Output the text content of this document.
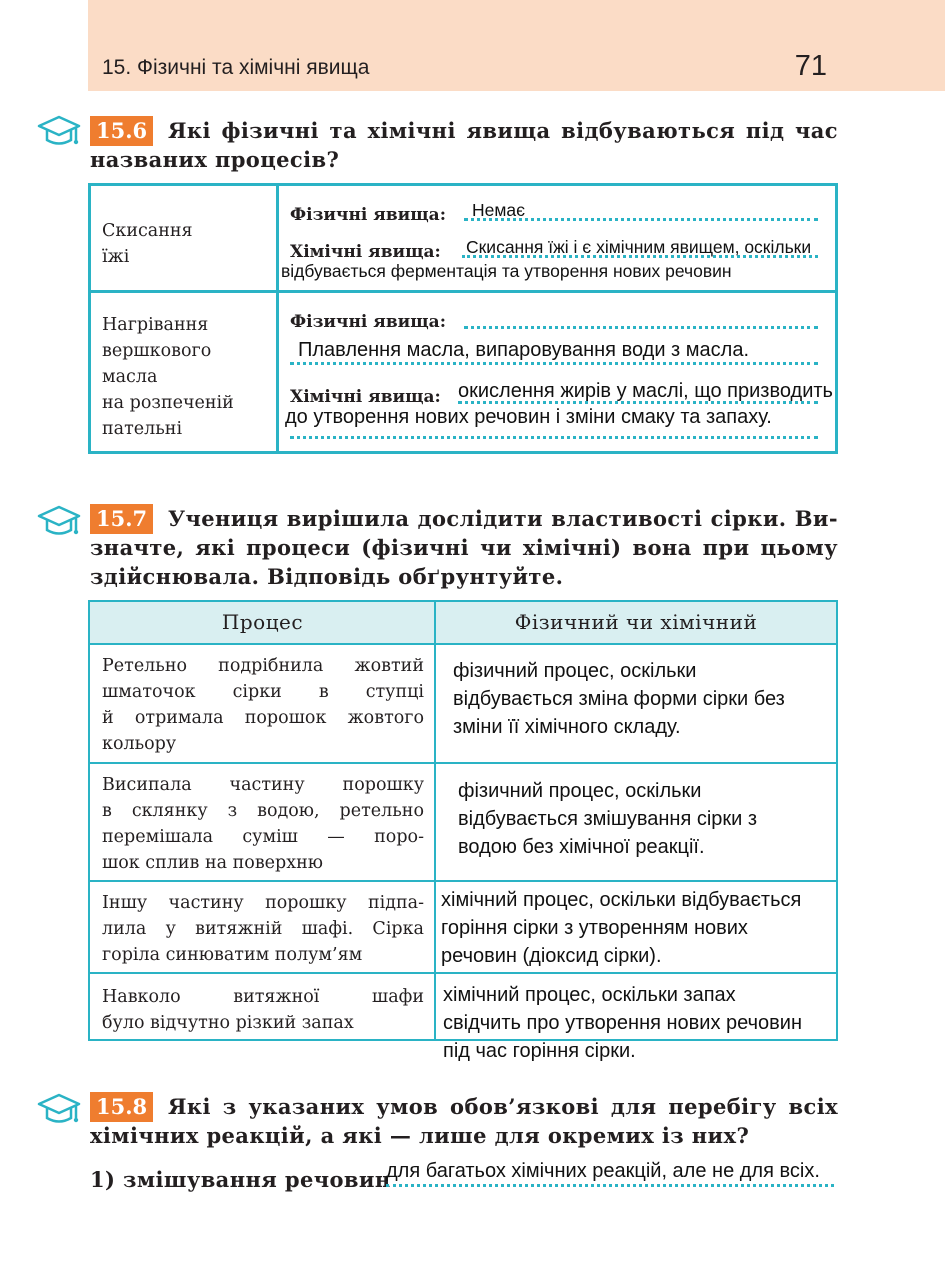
15. Фізичні та хімічні явища	71
15.6 Які фізичні та хімічні явища відбуваються під час
названих процесів?
Скисання
їжі
Фізичні явища: Немає
Хімічні явища: Скисання їжі і є хімічним явищем, оскільки
відбувається ферментація та утворення нових речовин
Нагрівання
вершкового
масла
на розпеченій
пательні
Фізичні явища:
Плавлення масла, випаровування води з масла.
Хімічні явища: окислення жирів у маслі, що призводить
до утворення нових речовин і зміни смаку та запаху.
15.7 Учениця вирішила дослідити властивості сірки. Ви-
значте, які процеси (фізичні чи хімічні) вона при цьому
здійснювала. Відповідь обґрунтуйте.
Процес	Фізичний чи хімічний
Ретельно подрібнила жовтий
шматочок сірки в ступці
й отримала порошок жовтого
кольору
фізичний процес, оскільки
відбувається зміна форми сірки без
зміни її хімічного складу.
Висипала частину порошку
в склянку з водою, ретельно
перемішала суміш — поро-
шок сплив на поверхню
фізичний процес, оскільки
відбувається змішування сірки з
водою без хімічної реакції.
Іншу частину порошку підпа-
лила у витяжній шафі. Сірка
горіла синюватим полум’ям
хімічний процес, оскільки відбувається
горіння сірки з утворенням нових
речовин (діоксид сірки).
Навколо витяжної шафи
було відчутно різкий запах
хімічний процес, оскільки запах
свідчить про утворення нових речовин
під час горіння сірки.
15.8 Які з указаних умов обов’язкові для перебігу всіх
хімічних реакцій, а які — лише для окремих із них?
1) змішування речовин
для багатьох хімічних реакцій, але не для всіх.
